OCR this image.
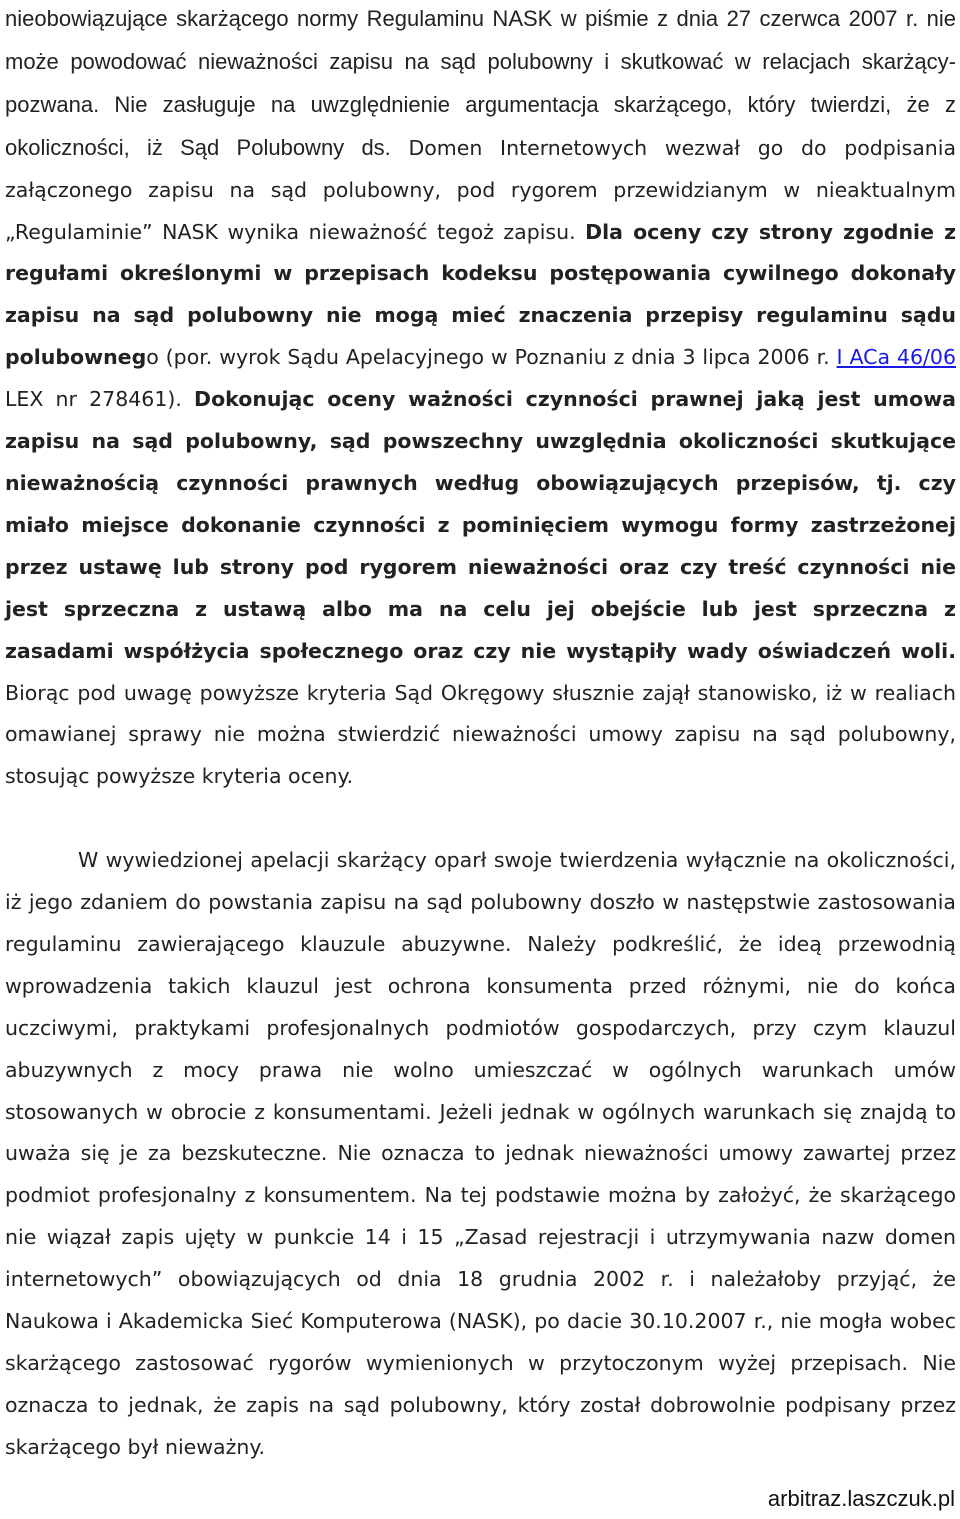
nieobowiązujące skarżącego normy Regulaminu NASK w piśmie z dnia 27 czerwca 2007 r. nie może powodować nieważności zapisu na sąd polubowny i skutkować w relacjach skarżący- pozwana. Nie zasługuje na uwzględnienie argumentacja skarżącego, który twierdzi, że z okoliczności, iż Sąd Polubowny ds. Domen Internetowych wezwał go do podpisania załączonego zapisu na sąd polubowny, pod rygorem przewidzianym w nieaktualnym „Regulaminie” NASK wynika nieważność tegoż zapisu. Dla oceny czy strony zgodnie z regułami określonymi w przepisach kodeksu postępowania cywilnego dokonały zapisu na sąd polubowny nie mogą mieć znaczenia przepisy regulaminu sądu polubownego (por. wyrok Sądu Apelacyjnego w Poznaniu z dnia 3 lipca 2006 r. I ACa 46/06 LEX nr 278461). Dokonując oceny ważności czynności prawnej jaką jest umowa zapisu na sąd polubowny, sąd powszechny uwzględnia okoliczności skutkujące nieważnością czynności prawnych według obowiązujących przepisów, tj. czy miało miejsce dokonanie czynności z pominięciem wymogu formy zastrzeżonej przez ustawę lub strony pod rygorem nieważności oraz czy treść czynności nie jest sprzeczna z ustawą albo ma na celu jej obejście lub jest sprzeczna z zasadami współżycia społecznego oraz czy nie wystąpiły wady oświadczeń woli. Biorąc pod uwagę powyższe kryteria Sąd Okręgowy słusznie zajął stanowisko, iż w realiach omawianej sprawy nie można stwierdzić nieważności umowy zapisu na sąd polubowny, stosując powyższe kryteria oceny.

W wywiedzionej apelacji skarżący oparł swoje twierdzenia wyłącznie na okoliczności, iż jego zdaniem do powstania zapisu na sąd polubowny doszło w następstwie zastosowania regulaminu zawierającego klauzule abuzywne. Należy podkreślić, że ideą przewodnią wprowadzenia takich klauzul jest ochrona konsumenta przed różnymi, nie do końca uczciwymi, praktykami profesjonalnych podmiotów gospodarczych, przy czym klauzul abuzywnych z mocy prawa nie wolno umieszczać w ogólnych warunkach umów stosowanych w obrocie z konsumentami. Jeżeli jednak w ogólnych warunkach się znajdą to uważa się je za bezskuteczne. Nie oznacza to jednak nieważności umowy zawartej przez podmiot profesjonalny z konsumentem. Na tej podstawie można by założyć, że skarżącego nie wiązał zapis ujęty w punkcie 14 i 15 „Zasad rejestracji i utrzymywania nazw domen internetowych” obowiązujących od dnia 18 grudnia 2002 r. i należałoby przyjąć, że Naukowa i Akademicka Sieć Komputerowa (NASK), po dacie 30.10.2007 r., nie mogła wobec skarżącego zastosować rygorów wymienionych w przytoczonym wyżej przepisach. Nie oznacza to jednak, że zapis na sąd polubowny, który został dobrowolnie podpisany przez skarżącego był nieważny.

arbitraz.laszczuk.pl
